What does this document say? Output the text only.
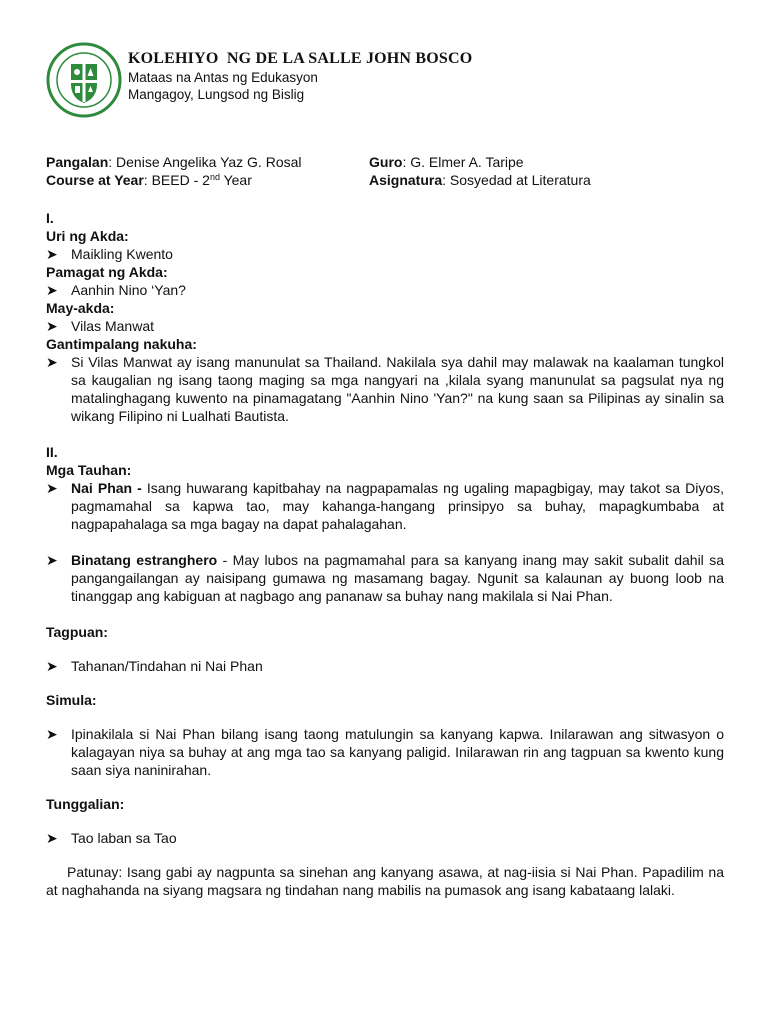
KOLEHIYO  NG DE LA SALLE JOHN BOSCO
Mataas na Antas ng Edukasyon
Mangagoy, Lungsod ng Bislig
Pangalan: Denise Angelika Yaz G. Rosal	Guro: G. Elmer A. Taripe
Course at Year: BEED - 2nd Year	Asignatura: Sosyedad at Literatura
I.
Uri ng Akda:
➤ Maikling Kwento
Pamagat ng Akda:
➤ Aanhin Nino ‘Yan?
May-akda:
➤ Vilas Manwat
Gantimpalang nakuha:
➤ Si Vilas Manwat ay isang manunulat sa Thailand. Nakilala sya dahil may malawak na kaalaman tungkol sa kaugalian ng isang taong maging sa mga nangyari na ,kilala syang manunulat sa pagsulat nya ng matalinghagang kuwento na pinamagatang "Aanhin Nino 'Yan?" na kung saan sa Pilipinas ay sinalin sa wikang Filipino ni Lualhati Bautista.
II.
Mga Tauhan:
➤ Nai Phan - Isang huwarang kapitbahay na nagpapamalas ng ugaling mapagbigay, may takot sa Diyos, pagmamahal sa kapwa tao, may kahanga-hangang prinsipyo sa buhay, mapagkumbaba at nagpapahalaga sa mga bagay na dapat pahalagahan.
➤ Binatang estranghero - May lubos na pagmamahal para sa kanyang inang may sakit subalit dahil sa pangangailangan ay naisipang gumawa ng masamang bagay. Ngunit sa kalaunan ay buong loob na tinanggap ang kabiguan at nagbago ang pananaw sa buhay nang makilala si Nai Phan.
Tagpuan:
➤ Tahanan/Tindahan ni Nai Phan
Simula:
➤ Ipinakilala si Nai Phan bilang isang taong matulungin sa kanyang kapwa. Inilarawan ang sitwasyon o kalagayan niya sa buhay at ang mga tao sa kanyang paligid. Inilarawan rin ang tagpuan sa kwento kung saan siya naninirahan.
Tunggalian:
➤ Tao laban sa Tao
Patunay: Isang gabi ay nagpunta sa sinehan ang kanyang asawa, at nag-iisia si Nai Phan. Papadilim na at naghahanda na siyang magsara ng tindahan nang mabilis na pumasok ang isang kabataang lalaki.
